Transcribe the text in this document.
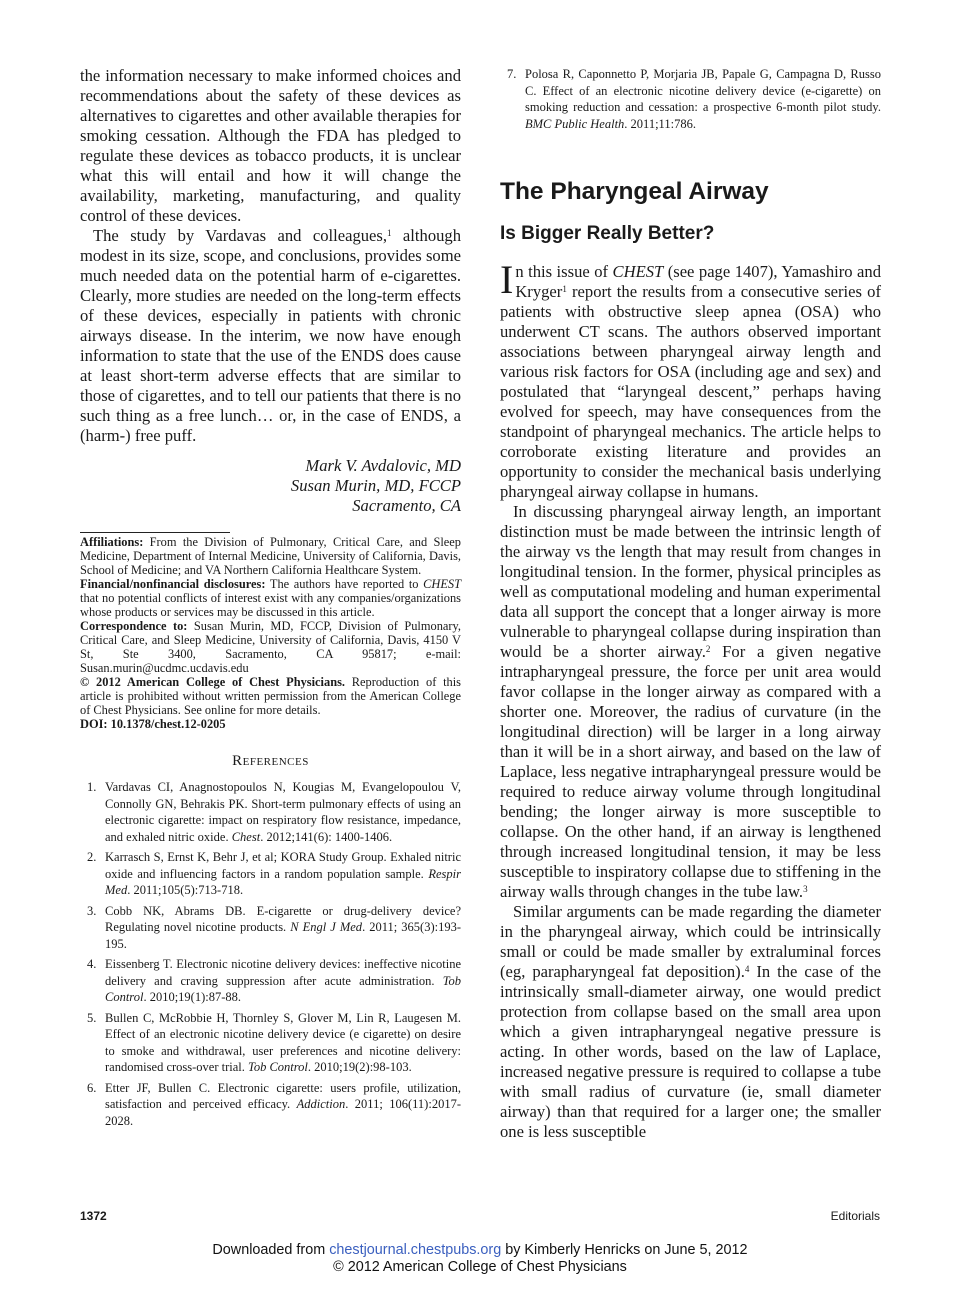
the information necessary to make informed choices and recommendations about the safety of these devices as alternatives to cigarettes and other available therapies for smoking cessation. Although the FDA has pledged to regulate these devices as tobacco products, it is unclear what this will entail and how it will change the availability, marketing, manufacturing, and quality control of these devices.

The study by Vardavas and colleagues,$^1$ although modest in its size, scope, and conclusions, provides some much needed data on the potential harm of e-cigarettes. Clearly, more studies are needed on the long-term effects of these devices, especially in patients with chronic airways disease. In the interim, we now have enough information to state that the use of the ENDS does cause at least short-term adverse effects that are similar to those of cigarettes, and to tell our patients that there is no such thing as a free lunch… or, in the case of ENDS, a (harm-) free puff.

Mark V. Avdalovic, MD
Susan Murin, MD, FCCP
Sacramento, CA

Affiliations: From the Division of Pulmonary, Critical Care, and Sleep Medicine, Department of Internal Medicine, University of California, Davis, School of Medicine; and VA Northern California Healthcare System.

Financial/nonfinancial disclosures: The authors have reported to CHEST that no potential conflicts of interest exist with any companies/organizations whose products or services may be discussed in this article.

Correspondence to: Susan Murin, MD, FCCP, Division of Pulmonary, Critical Care, and Sleep Medicine, University of California, Davis, 4150 V St, Ste 3400, Sacramento, CA 95817; e-mail: Susan.murin@ucdmc.ucdavis.edu

© 2012 American College of Chest Physicians. Reproduction of this article is prohibited without written permission from the American College of Chest Physicians. See online for more details.

DOI: 10.1378/chest.12-0205

References
1. Vardavas CI, Anagnostopoulos N, Kougias M, Evangelopoulou V, Connolly GN, Behrakis PK. Short-term pulmonary effects of using an electronic cigarette: impact on respiratory flow resistance, impedance, and exhaled nitric oxide. Chest. 2012;141(6): 1400-1406.
2. Karrasch S, Ernst K, Behr J, et al; KORA Study Group. Exhaled nitric oxide and influencing factors in a random population sample. Respir Med. 2011;105(5):713-718.
3. Cobb NK, Abrams DB. E-cigarette or drug-delivery device? Regulating novel nicotine products. N Engl J Med. 2011; 365(3):193-195.
4. Eissenberg T. Electronic nicotine delivery devices: ineffective nicotine delivery and craving suppression after acute administration. Tob Control. 2010;19(1):87-88.
5. Bullen C, McRobbie H, Thornley S, Glover M, Lin R, Laugesen M. Effect of an electronic nicotine delivery device (e cigarette) on desire to smoke and withdrawal, user preferences and nicotine delivery: randomised cross-over trial. Tob Control. 2010;19(2):98-103.
6. Etter JF, Bullen C. Electronic cigarette: users profile, utilization, satisfaction and perceived efficacy. Addiction. 2011; 106(11):2017-2028.
7. Polosa R, Caponnetto P, Morjaria JB, Papale G, Campagna D, Russo C. Effect of an electronic nicotine delivery device (e-cigarette) on smoking reduction and cessation: a prospective 6-month pilot study. BMC Public Health. 2011;11:786.
The Pharyngeal Airway
Is Bigger Really Better?

In this issue of CHEST (see page 1407), Yamashiro and Kryger$^1$ report the results from a consecutive series of patients with obstructive sleep apnea (OSA) who underwent CT scans. The authors observed important associations between pharyngeal airway length and various risk factors for OSA (including age and sex) and postulated that “laryngeal descent,” perhaps having evolved for speech, may have consequences from the standpoint of pharyngeal mechanics. The article helps to corroborate existing literature and provides an opportunity to consider the mechanical basis underlying pharyngeal airway collapse in humans.

In discussing pharyngeal airway length, an important distinction must be made between the intrinsic length of the airway vs the length that may result from changes in longitudinal tension. In the former, physical principles as well as computational modeling and human experimental data all support the concept that a longer airway is more vulnerable to pharyngeal collapse during inspiration than would be a shorter airway.$^2$ For a given negative intrapharyngeal pressure, the force per unit area would favor collapse in the longer airway as compared with a shorter one. Moreover, the radius of curvature (in the longitudinal direction) will be larger in a long airway than it will be in a short airway, and based on the law of Laplace, less negative intrapharyngeal pressure would be required to reduce airway volume through longitudinal bending; the longer airway is more susceptible to collapse. On the other hand, if an airway is lengthened through increased longitudinal tension, it may be less susceptible to inspiratory collapse due to stiffening in the airway walls through changes in the tube law.$^3$

Similar arguments can be made regarding the diameter in the pharyngeal airway, which could be intrinsically small or could be made smaller by extraluminal forces (eg, parapharyngeal fat deposition).$^4$ In the case of the intrinsically small-diameter airway, one would predict protection from collapse based on the small area upon which a given intrapharyngeal negative pressure is acting. In other words, based on the law of Laplace, increased negative pressure is required to collapse a tube with small radius of curvature (ie, small diameter airway) than that required for a larger one; the smaller one is less susceptible

1372	Editorials
Downloaded from chestjournal.chestpubs.org by Kimberly Henricks on June 5, 2012
© 2012 American College of Chest Physicians
